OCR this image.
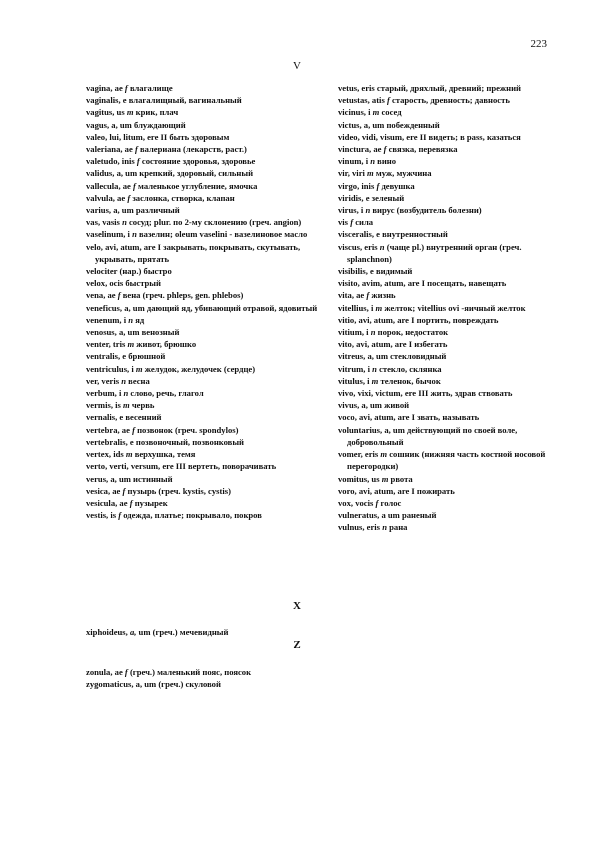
223
V

vagina, ae f влагалище

vaginalis, e влагалищный, вагинальный

vagitus, us m крик, плач

vagus, a, um блуждающий

valeo, lui, litum, ere II быть здоровым

valeriana, ae f валериана (лекарств, раст.)

valetudo, inis f состояние здоровья, здоровье

validus, a, um крепкий, здоровый, сильный

vallecula, ae f маленькое углубление, ямочка

valvula, ae f заслонка, створка, клапан

varius, a, um различный

vas, vasis n сосуд; plur. по 2-му склонению (греч. angion)

vaselinum, i n вазелин; oleum vaselini - вазелиновое масло

velo, avi, atum, are I закрывать, покрывать, скутывать, укрывать, прятать

velociter (нар.) быстро

velox, ocis быстрый

vena, ae f вена (греч. phleps, gen. phlebos)

veneficus, a, um дающий яд, убивающий отравой, ядовитый

venenum, i n яд

venosus, a, um венозный

venter, tris m живот, брюшко

ventralis, e брюшной

ventriculus, i m желудок, желудочек (сердце)

ver, veris n весна

verbum, i n слово, речь, глагол

vermis, is m червь

vernalis, e весенний

vertebra, ae f позвонок (греч. spondylos)

vertebralis, e позвоночный, позвонковый

vertex, ids m верхушка, темя

verto, verti, versum, ere III вертеть, поворачивать

verus, a, um истинный

vesica, ae f пузырь (греч. kystis, cystis)

vesicula, ae f пузырек

vestis, is f одежда, платье; покрывало, покров

vetus, eris старый, дряхлый, древний; прежний

vetustas, atis f старость, древность; давность

vicinus, i m сосед

victus, a, um побежденный

video, vidi, visum, ere II видеть; в pass, казаться

vinctura, ae f связка, перевязка

vinum, i n вино

vir, viri m муж, мужчина

virgo, inis f девушка

viridis, e зеленый

virus, i n вирус (возбудитель болезни)

vis f сила

visceralis, e внутренностный

viscus, eris n (чаще pl.) внутренний орган (греч. splanchnon)

visibilis, e видимый

visito, avim, atum, are I посещать, навещать

vita, ae f жизнь

vitellius, i m желток; vitellius ovi -яичный желток

vitio, avi, atum, are I портить, повреждать

vitium, i n порок, недостаток

vito, avi, atum, are I избегать

vitreus, a, um стекловидный

vitrum, i n стекло, склянка

vitulus, i m теленок, бычок

vivo, vixi, victum, ere III жить, здрав ствовать

vivus, a, um живой

voco, avi, atum, are I звать, называть

voluntarius, a, um действующий по своей воле, добровольный

vomer, eris m сошник (нижняя часть костной носовой перегородки)

vomitus, us m рвота

voro, avi, atum, are I пожирать

vox, vocis f голос

vulneratus, a um раненый

vulnus, eris n рана

X

xiphoideus, a, um (греч.) мечевидный

Z

zonula, ae f (греч.) маленький пояс, поясок

zygomaticus, a, um (греч.) скуловой
